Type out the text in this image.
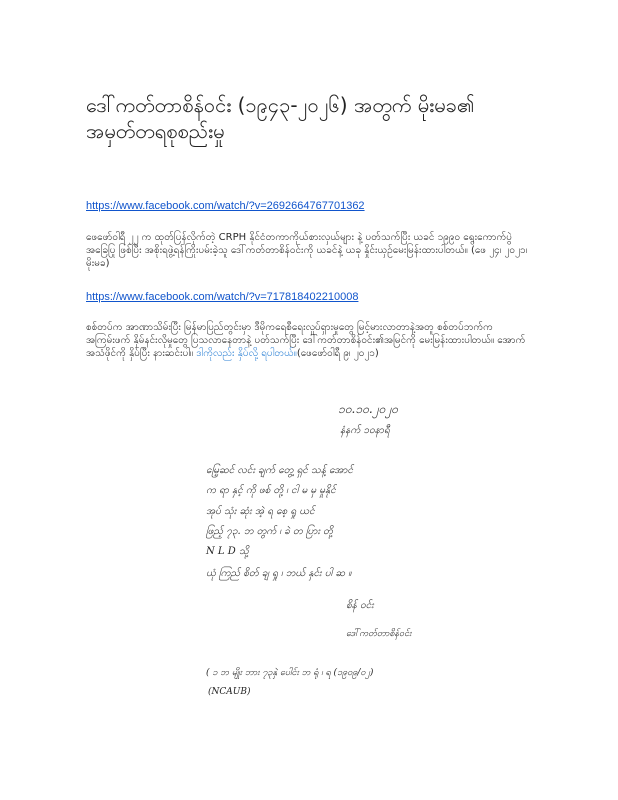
ဒေါ်ကတ်တာစိန်ဝင်း (၁၉၄၃-၂၀၂၆) အတွက် မိုးမခ၏
အမှတ်တရစုစည်းမှု
https://www.facebook.com/watch/?v=2692664767701362
ဖေဖော်ဝါရီ ၂၂ က ထုတ်ပြန်လိုက်တဲ့ CRPH နိုင်ငံတကာကိုယ်စားလှယ်များ နဲ့ ပတ်သက်ပြီး ယခင် ၁၉၉၀ ရွေးကောက်ပွဲအခြေပြု ဖြစ်ပြီး အစိုးရဖွဲ့ရန်ကြိုးပမ်းခဲ့သူ ဒေါ်ကတ်တာစိန်ဝင်းကို ယခင်နဲ့ ယခု နှိုင်းယှဉ်မေးမြန်းထားပါတယ်။ (ဖေ ၂၄၊ ၂၀၂၁၊ မိုးမခ)
https://www.facebook.com/watch/?v=717818402210008
စစ်တပ်က အာဏာသိမ်းပြီး မြန်မာပြည်တွင်းမှာ ဒီမိုကရေစီရေးလှုပ်ရှားမှုတွေ မြင့်မားလာတာနဲ့အတူ စစ်တပ်ဘက်က အကြမ်းဖက် နှိမ်နင်းလိုမှုတွေ ပြသလာနေတာနဲ့ ပတ်သက်ပြီး ဒေါ်ကတ်တာစိန်ဝင်း၏အမြင်ကို မေးမြန်းထားပါတယ်။ အောက် အသံဖိုင်ကို နှိပ်ပြီး နားဆင်းပါ။ ဒါကိုလည်း နှိပ်လို့ ရပါတယ်။(ဖေဖော်ဝါရီ ၉၊ ၂၀၂၁)
၁၀.၁၀.၂၀၂၀
နံနက် ၁၀နာရီ
မြေ့ဆင် လင်း ချက် တွေ့ ရှင် သန့် အောင်
က ရာ နှင့် ကို ဖစ် တို့ ၊ ငါ မ မှ မှုနိုင်
အုပ် သုံး ဆုံး အဲ့ ရ စေ့ ရှု ယင်
ဖြည့် ၇၃. ဘ တွက် ၊ ခဲ တ ပြား တို့
N L D သို့
ယုံ ကြည် စိတ် ချ ရှု ၊ ဘယ် နှင်း ပါ ဆ ။
စိန် ဝင်း
ဒေါ်ကတ်တာစိန်ဝင်း
( ၁ ဘ မျိုး ဘား ၇၃နှဲ ပေါင်း ဘ ရုံ ၊ ရ (၁၉၀၉/၀၂)
(NCAUB)
